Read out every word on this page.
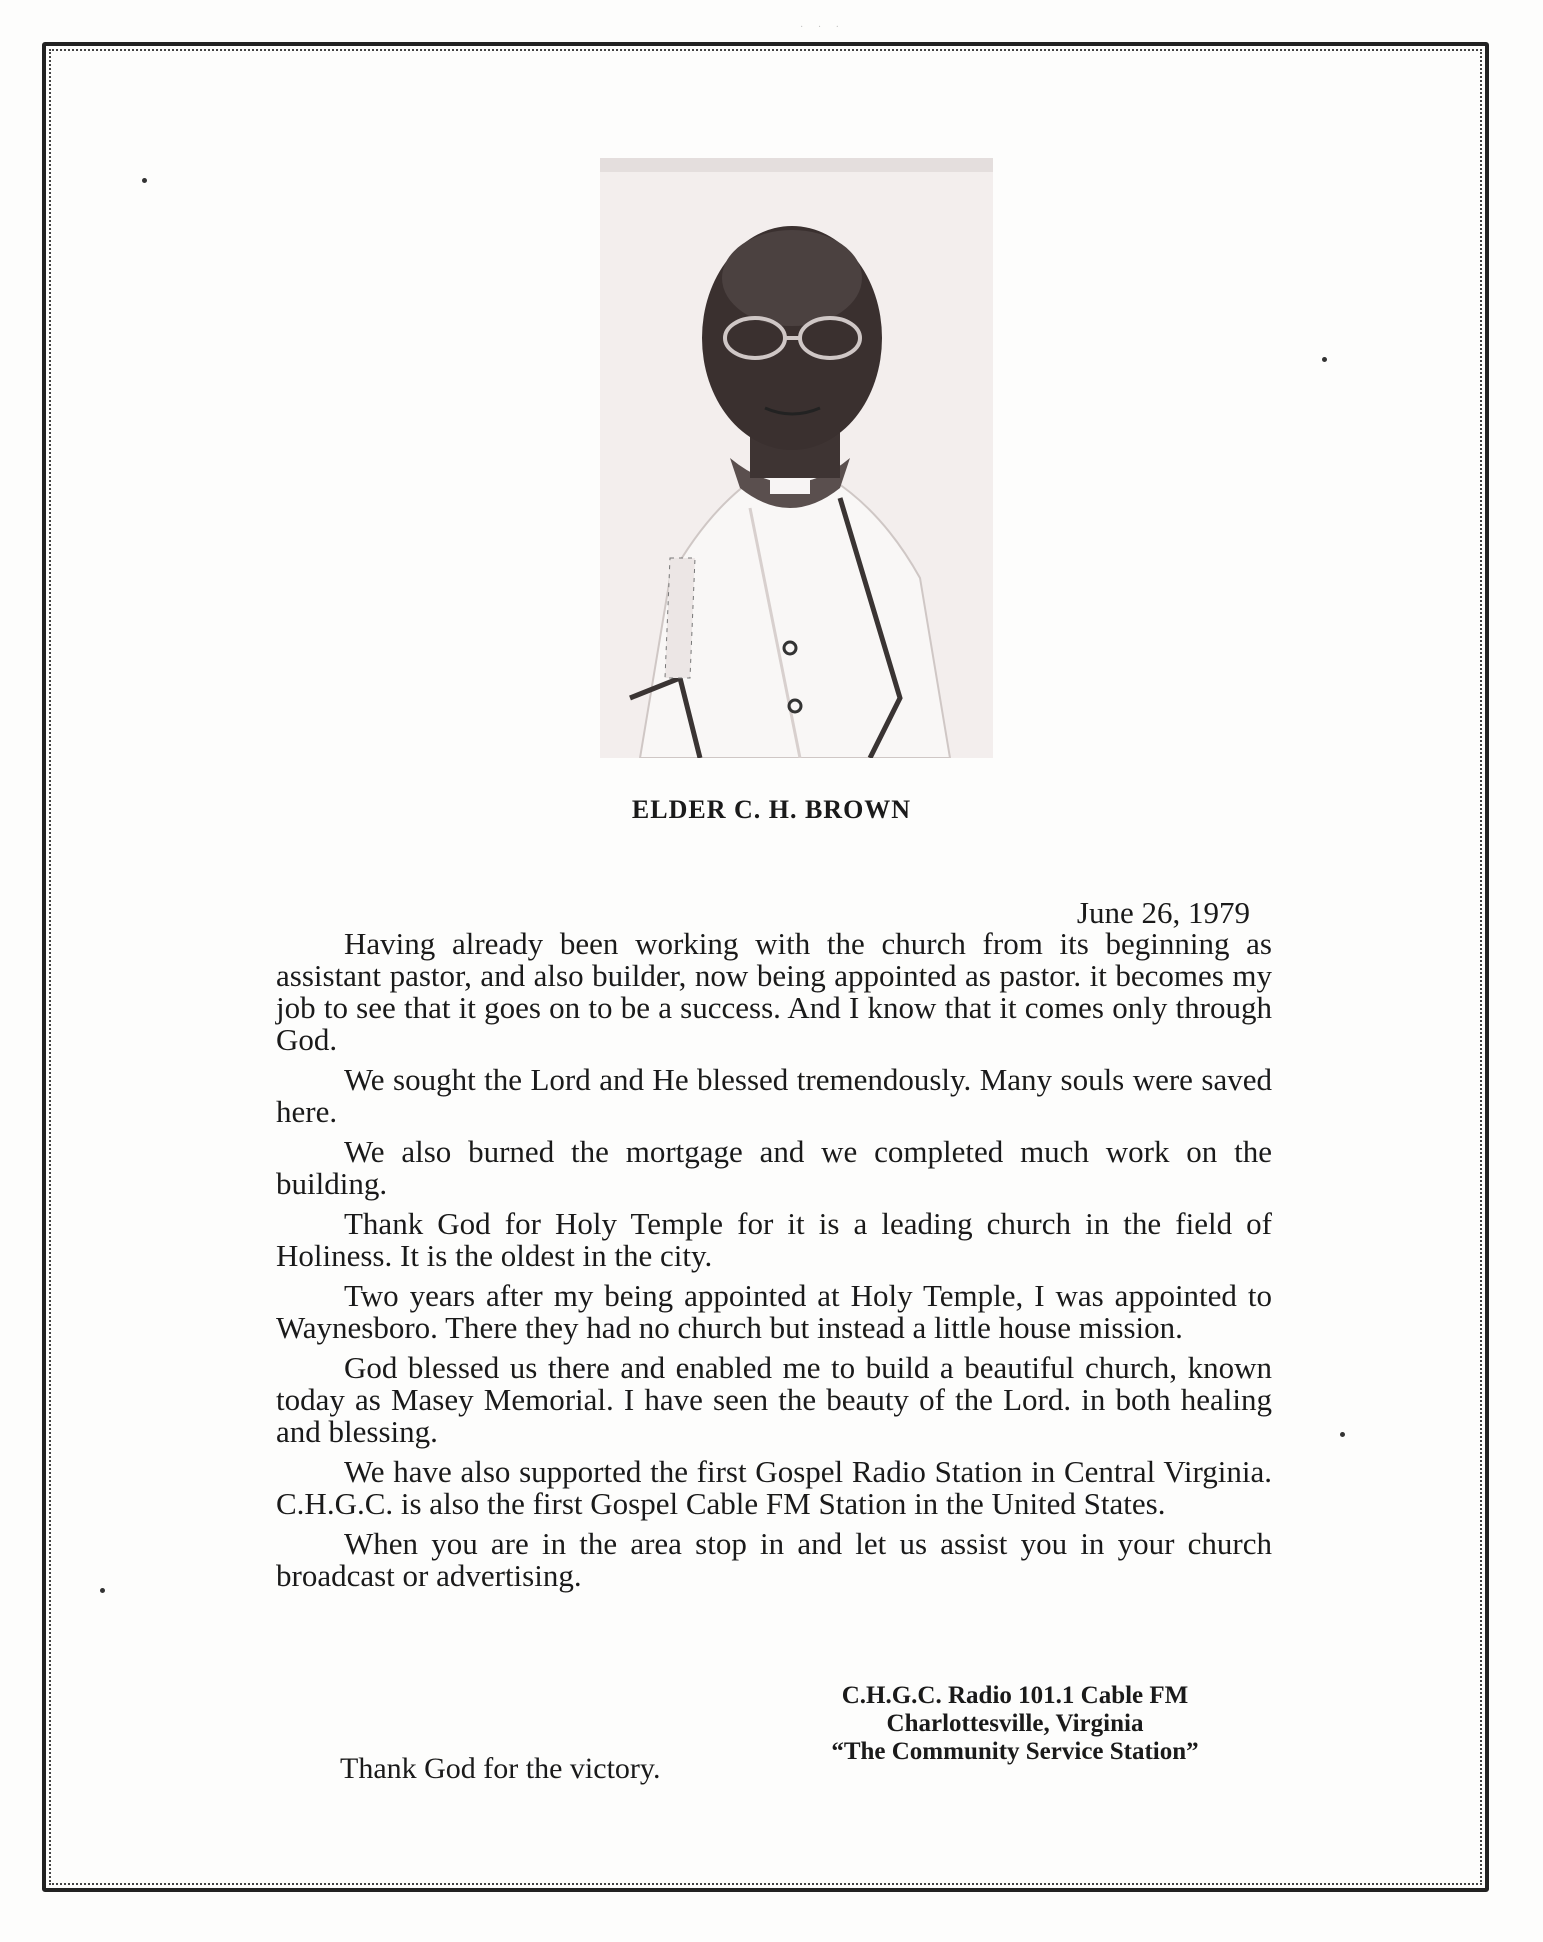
· · ·
ELDER C. H. BROWN
June 26, 1979

Having already been working with the church from its beginning as assistant pastor, and also builder, now being appointed as pastor. it becomes my job to see that it goes on to be a success. And I know that it comes only through God.

We sought the Lord and He blessed tremendously. Many souls were saved here.

We also burned the mortgage and we completed much work on the building.

Thank God for Holy Temple for it is a leading church in the field of Holiness. It is the oldest in the city.

Two years after my being appointed at Holy Temple, I was appointed to Waynesboro. There they had no church but instead a little house mission.

God blessed us there and enabled me to build a beautiful church, known today as Masey Memorial. I have seen the beauty of the Lord. in both healing and blessing.

We have also supported the first Gospel Radio Station in Central Virginia. C.H.G.C. is also the first Gospel Cable FM Station in the United States.

When you are in the area stop in and let us assist you in your church broadcast or advertising.

C.H.G.C. Radio 101.1 Cable FM
Charlottesville, Virginia
“The Community Service Station”
Thank God for the victory.
